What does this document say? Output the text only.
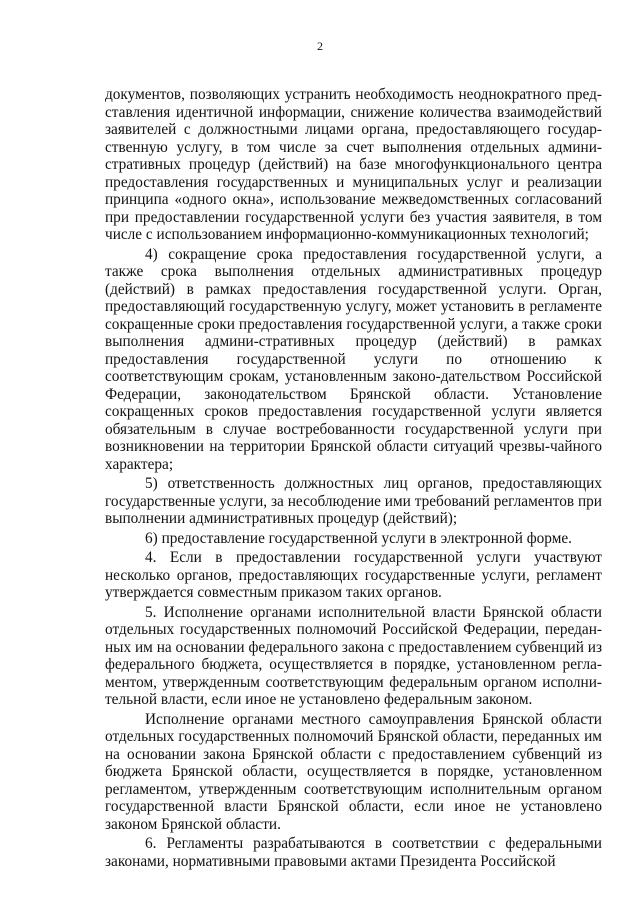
2

документов, позволяющих устранить необходимость неоднократного пред-ставления идентичной информации, снижение количества взаимодействий заявителей с должностными лицами органа, предоставляющего государ-ственную услугу, в том числе за счет выполнения отдельных админи-стративных процедур (действий) на базе многофункционального центра предоставления государственных и муниципальных услуг и реализации принципа «одного окна», использование межведомственных согласований при предоставлении государственной услуги без участия заявителя, в том числе с использованием информационно-коммуникационных технологий;

4) сокращение срока предоставления государственной услуги, а также срока выполнения отдельных административных процедур (действий) в рамках предоставления государственной услуги. Орган, предоставляющий государственную услугу, может установить в регламенте сокращенные сроки предоставления государственной услуги, а также сроки выполнения админи-стративных процедур (действий) в рамках предоставления государственной услуги по отношению к соответствующим срокам, установленным законо-дательством Российской Федерации, законодательством Брянской области. Установление сокращенных сроков предоставления государственной услуги является обязательным в случае востребованности государственной услуги при возникновении на территории Брянской области ситуаций чрезвы-чайного характера;

5) ответственность должностных лиц органов, предоставляющих государственные услуги, за несоблюдение ими требований регламентов при выполнении административных процедур (действий);

6) предоставление государственной услуги в электронной форме.

4. Если в предоставлении государственной услуги участвуют несколько органов, предоставляющих государственные услуги, регламент утверждается совместным приказом таких органов.

5. Исполнение органами исполнительной власти Брянской области отдельных государственных полномочий Российской Федерации, передан-ных им на основании федерального закона с предоставлением субвенций из федерального бюджета, осуществляется в порядке, установленном регла-ментом, утвержденным соответствующим федеральным органом исполни-тельной власти, если иное не установлено федеральным законом.

Исполнение органами местного самоуправления Брянской области отдельных государственных полномочий Брянской области, переданных им на основании закона Брянской области с предоставлением субвенций из бюджета Брянской области, осуществляется в порядке, установленном регламентом, утвержденным соответствующим исполнительным органом государственной власти Брянской области, если иное не установлено законом Брянской области.

6. Регламенты разрабатываются в соответствии с федеральными законами, нормативными правовыми актами Президента Российской
